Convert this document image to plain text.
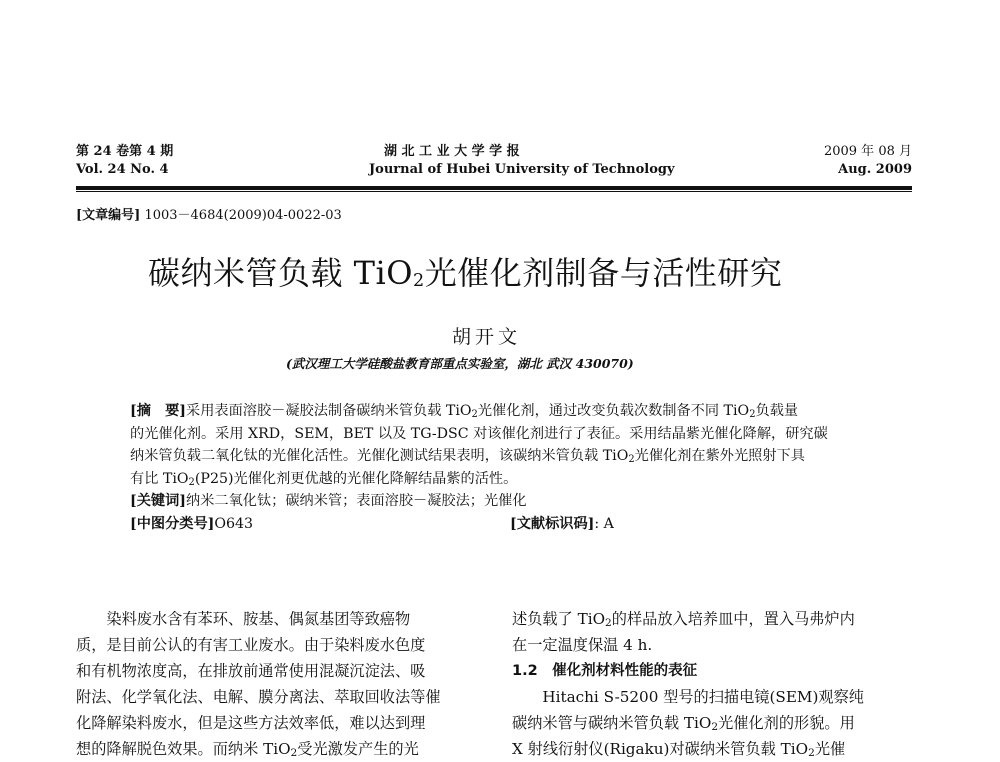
第 24 卷第 4 期
Vol. 24 No. 4
湖 北 工 业 大 学 学 报
Journal of Hubei University of Technology
2009 年 08 月
Aug. 2009
[文章编号] 1003－4684(2009)04-0022-03
碳纳米管负载 TiO$_2$光催化剂制备与活性研究
胡开文
(武汉理工大学硅酸盐教育部重点实验室，湖北 武汉 430070)
[摘　要]采用表面溶胶－凝胶法制备碳纳米管负载 TiO$_2$光催化剂，通过改变负载次数制备不同 TiO$_2$负载量
的光催化剂。采用 XRD，SEM，BET 以及 TG-DSC 对该催化剂进行了表征。采用结晶紫光催化降解，研究碳
纳米管负载二氧化钛的光催化活性。光催化测试结果表明，该碳纳米管负载 TiO$_2$光催化剂在紫外光照射下具
有比 TiO$_2$(P25)光催化剂更优越的光催化降解结晶紫的活性。
[关键词]纳米二氧化钛；碳纳米管；表面溶胶－凝胶法；光催化
[中图分类号]O643	[文献标识码]: A
　　染料废水含有苯环、胺基、偶氮基团等致癌物
质，是目前公认的有害工业废水。由于染料废水色度
和有机物浓度高，在排放前通常使用混凝沉淀法、吸
附法、化学氧化法、电解、膜分离法、萃取回收法等催
化降解染料废水，但是这些方法效率低，难以达到理
想的降解脱色效果。而纳米 TiO$_2$受光激发产生的光
述负载了 TiO$_2$的样品放入培养皿中，置入马弗炉内
在一定温度保温 4 h.
1.2　催化剂材料性能的表征
　　Hitachi S-5200 型号的扫描电镜(SEM)观察纯
碳纳米管与碳纳米管负载 TiO$_2$光催化剂的形貌。用
X 射线衍射仪(Rigaku)对碳纳米管负载 TiO$_2$光催
